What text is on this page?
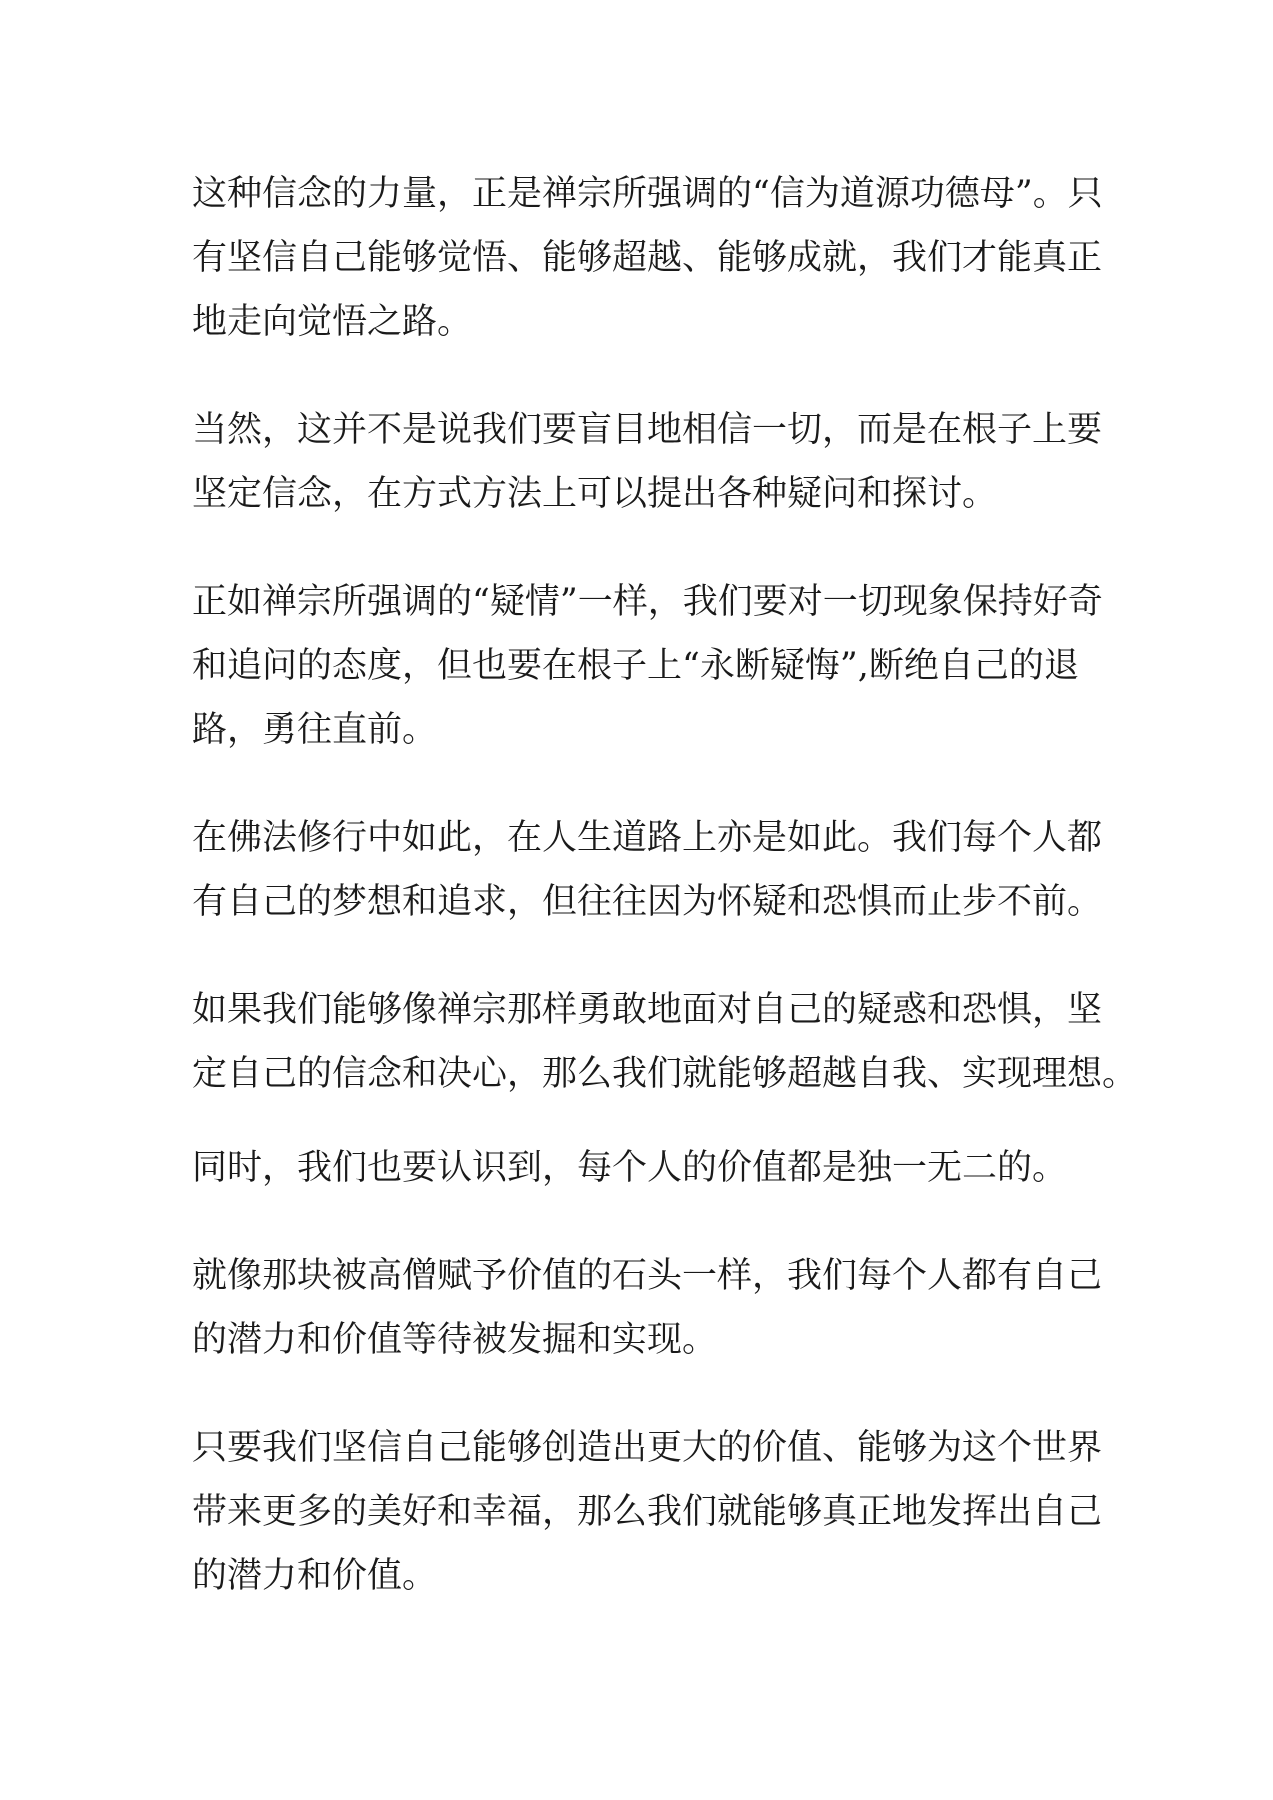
这种信念的力量，正是禅宗所强调的“信为道源功德母”。只
有坚信自己能够觉悟、能够超越、能够成就，我们才能真正
地走向觉悟之路。

当然，这并不是说我们要盲目地相信一切，而是在根子上要
坚定信念，在方式方法上可以提出各种疑问和探讨。

正如禅宗所强调的“疑情”一样，我们要对一切现象保持好奇
和追问的态度，但也要在根子上“永断疑悔”,断绝自己的退
路，勇往直前。

在佛法修行中如此，在人生道路上亦是如此。我们每个人都
有自己的梦想和追求，但往往因为怀疑和恐惧而止步不前。

如果我们能够像禅宗那样勇敢地面对自己的疑惑和恐惧，坚
定自己的信念和决心，那么我们就能够超越自我、实现理想。

同时，我们也要认识到，每个人的价值都是独一无二的。

就像那块被高僧赋予价值的石头一样，我们每个人都有自己
的潜力和价值等待被发掘和实现。

只要我们坚信自己能够创造出更大的价值、能够为这个世界
带来更多的美好和幸福，那么我们就能够真正地发挥出自己
的潜力和价值。
